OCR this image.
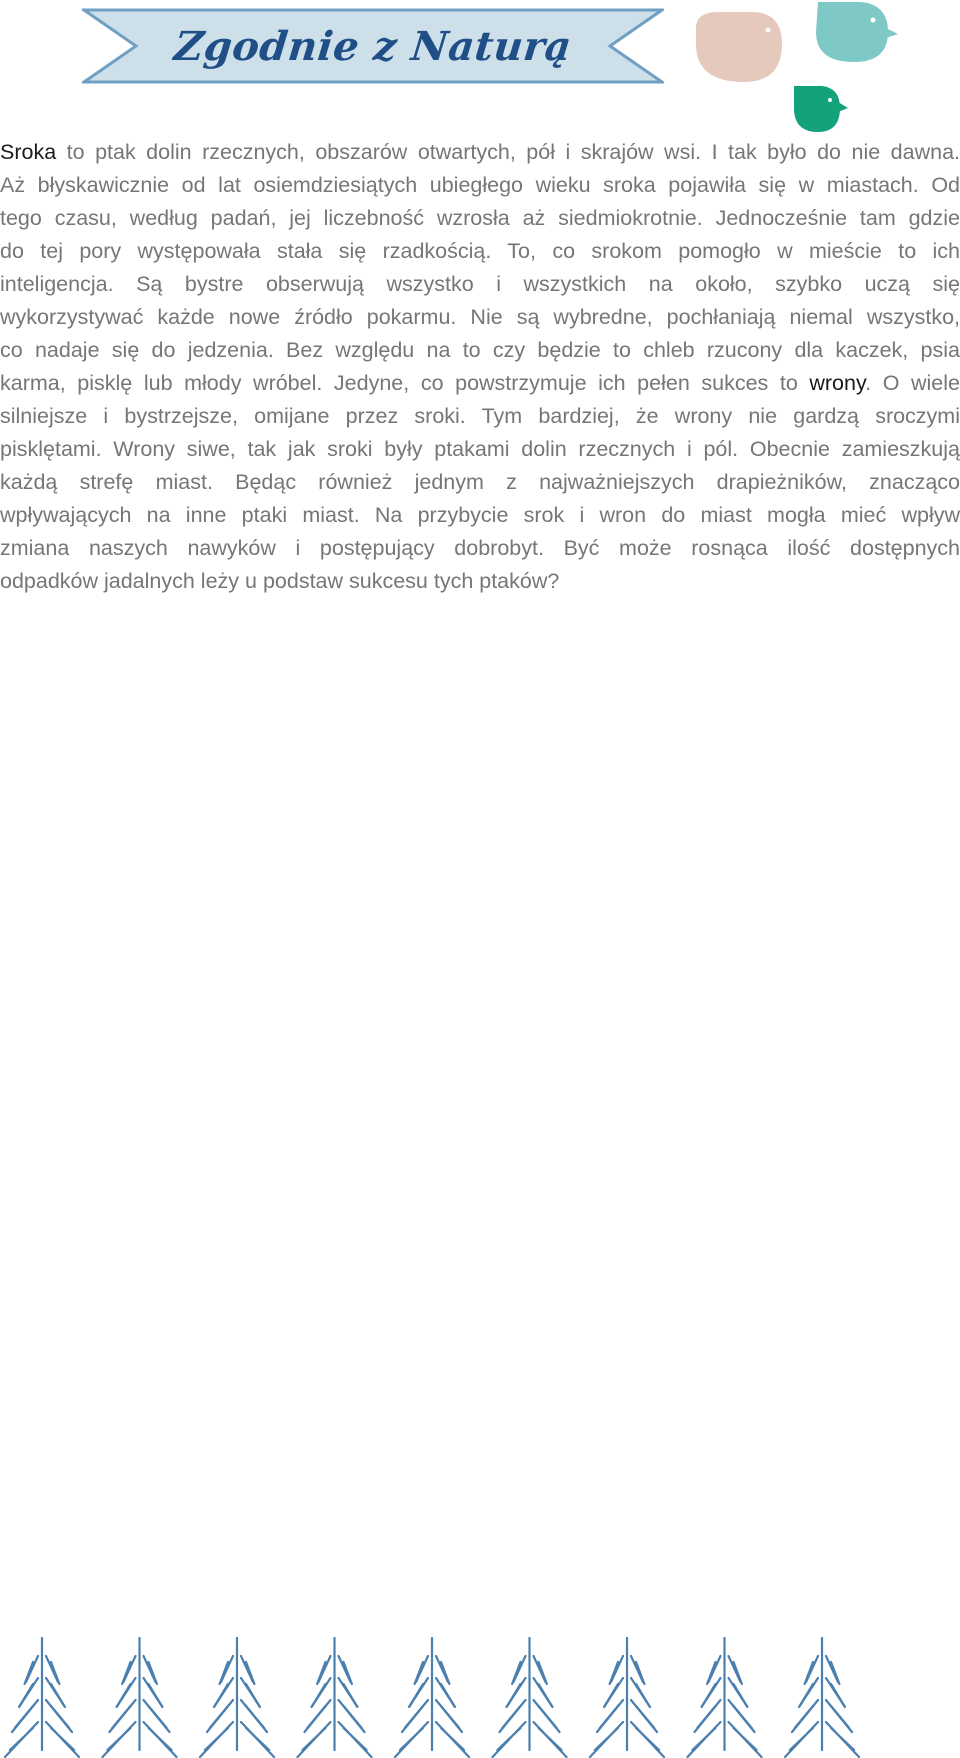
Zgodnie z Naturą
Sroka to ptak dolin rzecznych, obszarów otwartych, pół i skrajów wsi. I tak było do nie dawna.
Aż błyskawicznie od lat osiemdziesiątych ubiegłego wieku sroka pojawiła się w miastach. Od
tego czasu, według padań, jej liczebność wzrosła aż siedmiokrotnie. Jednocześnie tam gdzie
do tej pory występowała stała się rzadkością. To, co srokom pomogło w mieście to ich
inteligencja. Są bystre obserwują wszystko i wszystkich na około, szybko uczą się
wykorzystywać każde nowe źródło pokarmu. Nie są wybredne, pochłaniają niemal wszystko,
co nadaje się do jedzenia. Bez względu na to czy będzie to chleb rzucony dla kaczek, psia
karma, pisklę lub młody wróbel. Jedyne, co powstrzymuje ich pełen sukces to wrony. O wiele
silniejsze i bystrzejsze, omijane przez sroki. Tym bardziej, że wrony nie gardzą sroczymi
pisklętami. Wrony siwe, tak jak sroki były ptakami dolin rzecznych i pól. Obecnie zamieszkują
każdą strefę miast. Będąc również jednym z najważniejszych drapieżników, znacząco
wpływających na inne ptaki miast. Na przybycie srok i wron do miast mogła mieć wpływ
zmiana naszych nawyków i postępujący dobrobyt. Być może rosnąca ilość dostępnych
odpadków jadalnych leży u podstaw sukcesu tych ptaków?
